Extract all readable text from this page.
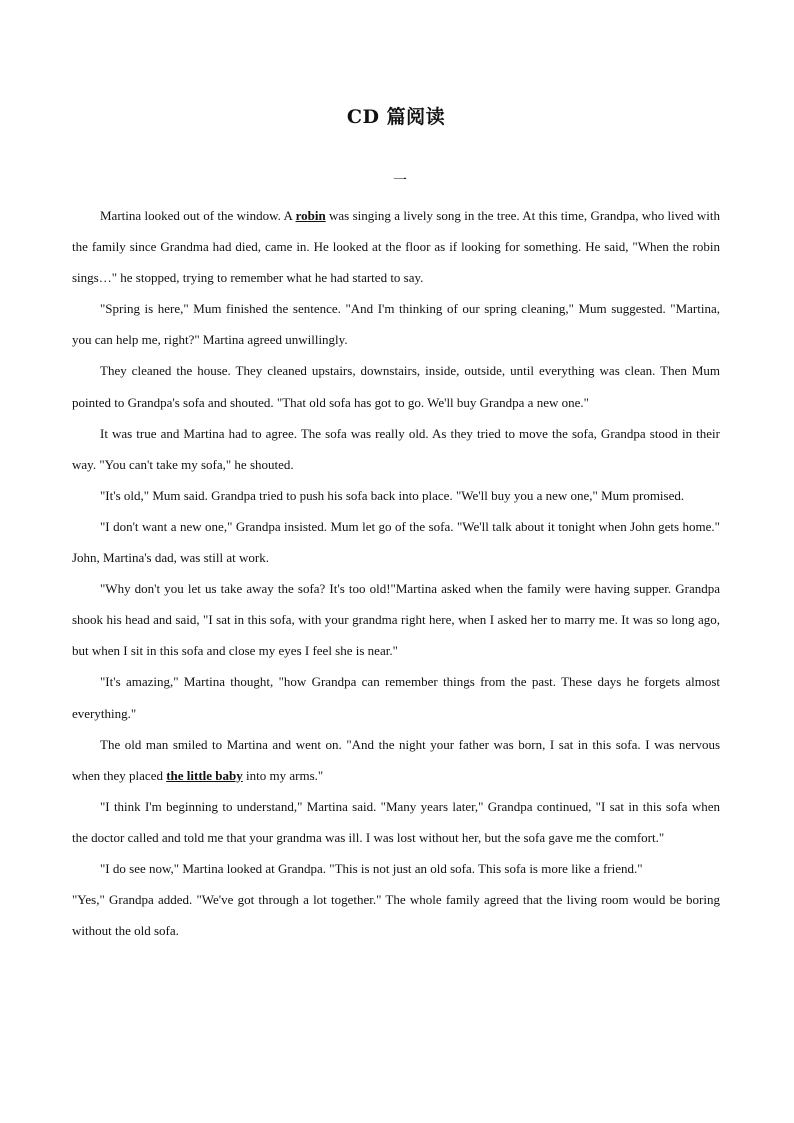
CD 篇阅读
一

Martina looked out of the window. A robin was singing a lively song in the tree. At this time, Grandpa, who lived with the family since Grandma had died, came in. He looked at the floor as if looking for something. He said, "When the robin sings…" he stopped, trying to remember what he had started to say.

"Spring is here," Mum finished the sentence. "And I'm thinking of our spring cleaning," Mum suggested. "Martina, you can help me, right?" Martina agreed unwillingly.

They cleaned the house. They cleaned upstairs, downstairs, inside, outside, until everything was clean. Then Mum pointed to Grandpa's sofa and shouted. "That old sofa has got to go. We'll buy Grandpa a new one."

It was true and Martina had to agree. The sofa was really old. As they tried to move the sofa, Grandpa stood in their way. "You can't take my sofa," he shouted.

"It's old," Mum said. Grandpa tried to push his sofa back into place. "We'll buy you a new one," Mum promised.

"I don't want a new one," Grandpa insisted. Mum let go of the sofa. "We'll talk about it tonight when John gets home." John, Martina's dad, was still at work.

"Why don't you let us take away the sofa? It's too old!"Martina asked when the family were having supper. Grandpa shook his head and said, "I sat in this sofa, with your grandma right here, when I asked her to marry me. It was so long ago, but when I sit in this sofa and close my eyes I feel she is near."

"It's amazing," Martina thought, "how Grandpa can remember things from the past. These days he forgets almost everything."

The old man smiled to Martina and went on. "And the night your father was born, I sat in this sofa. I was nervous when they placed the little baby into my arms."

"I think I'm beginning to understand," Martina said. "Many years later," Grandpa continued, "I sat in this sofa when the doctor called and told me that your grandma was ill. I was lost without her, but the sofa gave me the comfort."

"I do see now," Martina looked at Grandpa. "This is not just an old sofa. This sofa is more like a friend."

"Yes," Grandpa added. "We've got through a lot together." The whole family agreed that the living room would be boring without the old sofa.
